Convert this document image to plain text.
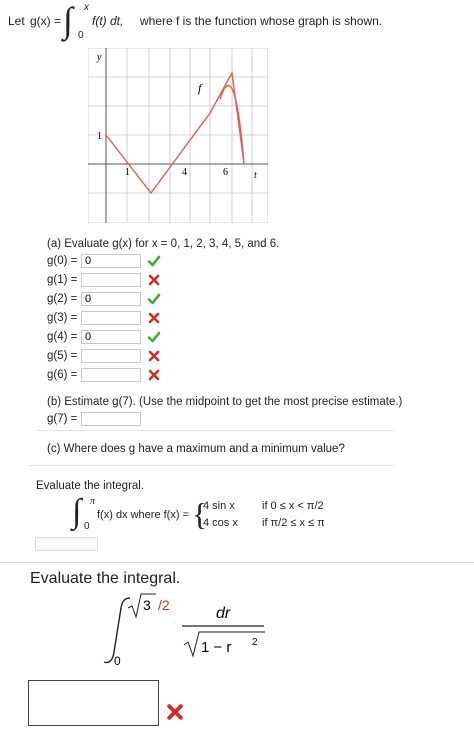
Let g(x) = ∫ x
0
f(t) dt, where f is the function whose graph is shown.
y
t
f
1
1	4	6
(a) Evaluate g(x) for x = 0, 1, 2, 3, 4, 5, and 6.
g(0) =
0
g(1) =
g(2) =
0
g(3) =
g(4) =
0
g(5) =
g(6) =
(b) Estimate g(7). (Use the midpoint to get the most precise estimate.)
g(7) =
(c) Where does g have a maximum and a minimum value?
Evaluate the integral.
∫ π
0
f(x) dx where f(x) = {
4 sin x if 0 ≤ x < π/2
4 cos x if π/2 ≤ x ≤ π
Evaluate the integral.
3 /2
0
dr
1 − r 2
